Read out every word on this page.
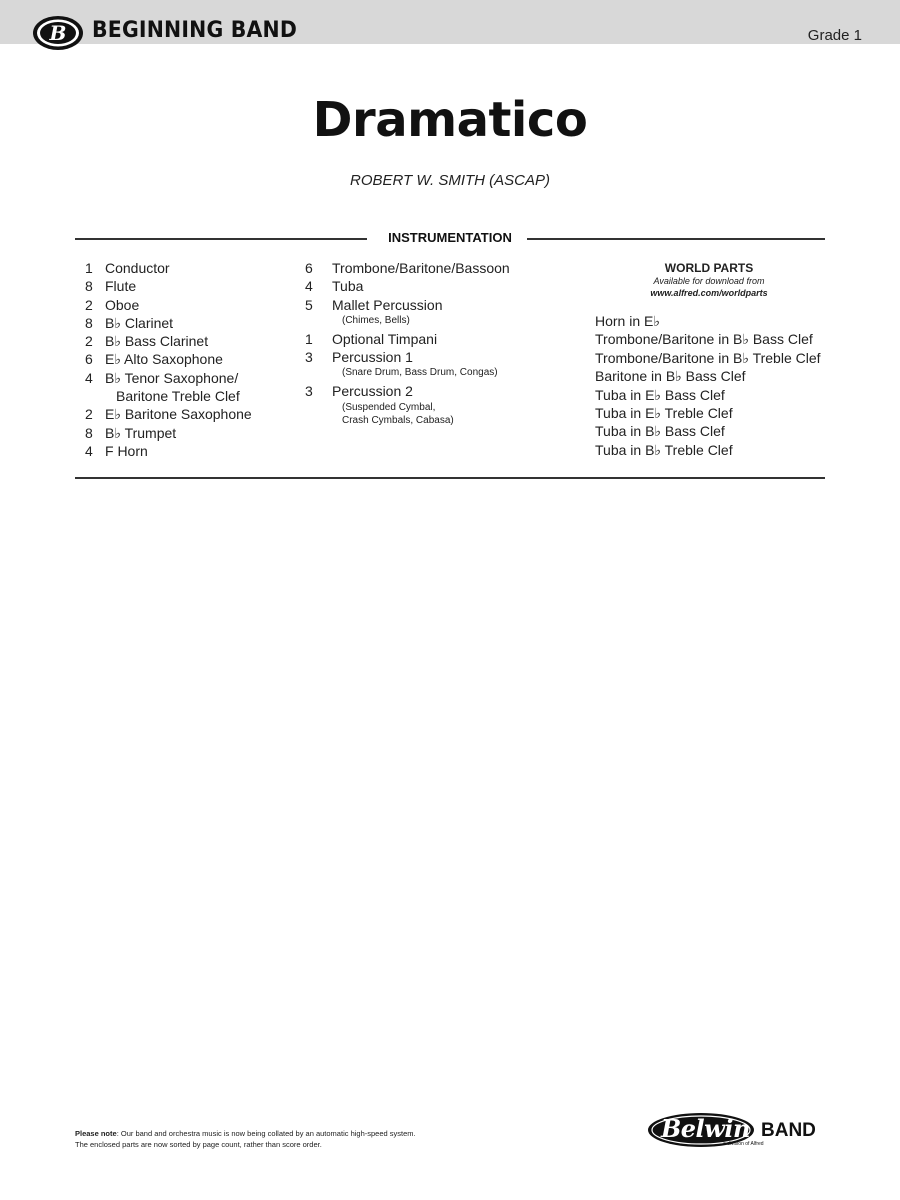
B BEGINNING BAND	Grade 1
Dramatico
ROBERT W. SMITH (ASCAP)
INSTRUMENTATION
1 Conductor
8 Flute
2 Oboe
8 B♭ Clarinet
2 B♭ Bass Clarinet
6 E♭ Alto Saxophone
4 B♭ Tenor Saxophone/
Baritone Treble Clef
2 E♭ Baritone Saxophone
8 B♭ Trumpet
4 F Horn
6	Trombone/Baritone/Bassoon
4	Tuba
5	Mallet Percussion
(Chimes, Bells)
1	Optional Timpani
3	Percussion 1
(Snare Drum, Bass Drum, Congas)
3	Percussion 2
(Suspended Cymbal,
Crash Cymbals, Cabasa)
WORLD PARTS
Available for download from
www.alfred.com/worldparts
Horn in E♭
Trombone/Baritone in B♭ Bass Clef
Trombone/Baritone in B♭ Treble Clef
Baritone in B♭ Bass Clef
Tuba in E♭ Bass Clef
Tuba in E♭ Treble Clef
Tuba in B♭ Bass Clef
Tuba in B♭ Treble Clef
Please note: Our band and orchestra music is now being collated by an automatic high-speed system.
The enclosed parts are now sorted by page count, rather than score order.
Belwin BAND
a division of Alfred
